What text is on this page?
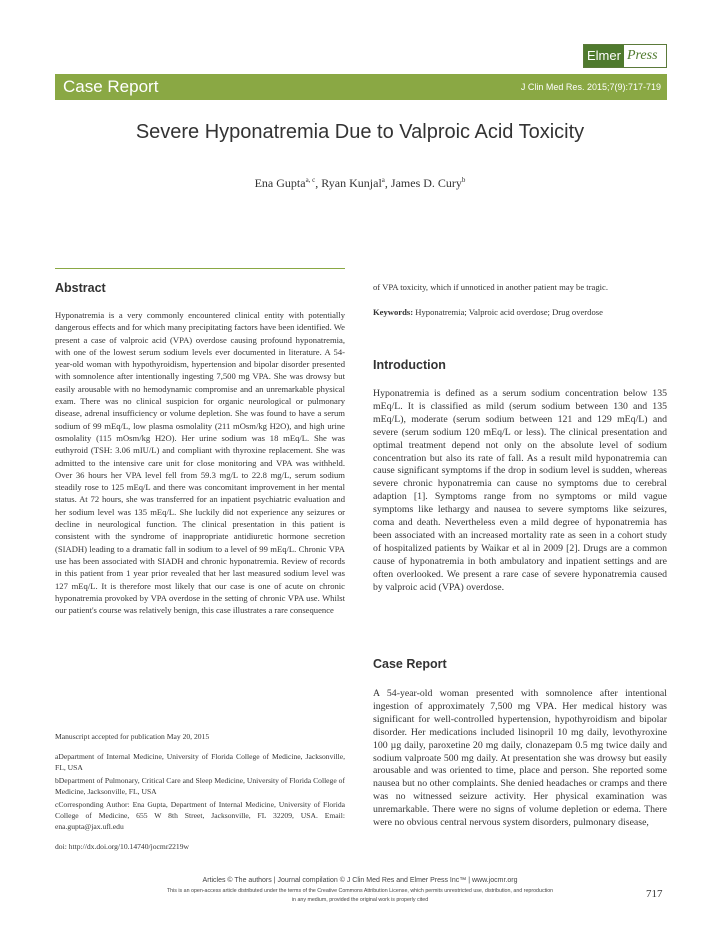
Elmer Press
Case Report	J Clin Med Res. 2015;7(9):717-719
Severe Hyponatremia Due to Valproic Acid Toxicity
Ena Gupta$^{a, c}$, Ryan Kunjal$^a$, James D. Cury$^b$
Abstract

Hyponatremia is a very commonly encountered clinical entity with potentially dangerous effects and for which many precipitating factors have been identified. We present a case of valproic acid (VPA) overdose causing profound hyponatremia, with one of the lowest serum sodium levels ever documented in literature. A 54-year-old woman with hypothyroidism, hypertension and bipolar disorder presented with somnolence after intentionally ingesting 7,500 mg VPA. She was drowsy but easily arousable with no hemodynamic compromise and an unremarkable physical exam. There was no clinical suspicion for organic neurological or pulmonary disease, adrenal insufficiency or volume depletion. She was found to have a serum sodium of 99 mEq/L, low plasma osmolality (211 mOsm/kg H2O), and high urine osmolality (115 mOsm/kg H2O). Her urine sodium was 18 mEq/L. She was euthyroid (TSH: 3.06 mIU/L) and compliant with thyroxine replacement. She was admitted to the intensive care unit for close monitoring and VPA was withheld. Over 36 hours her VPA level fell from 59.3 mg/L to 22.8 mg/L, serum sodium steadily rose to 125 mEq/L and there was concomitant improvement in her mental status. At 72 hours, she was transferred for an inpatient psychiatric evaluation and her sodium level was 135 mEq/L. She luckily did not experience any seizures or decline in neurological function. The clinical presentation in this patient is consistent with the syndrome of inappropriate antidiuretic hormone secretion (SIADH) leading to a dramatic fall in sodium to a level of 99 mEq/L. Chronic VPA use has been associated with SIADH and chronic hyponatremia. Review of records in this patient from 1 year prior revealed that her last measured sodium level was 127 mEq/L. It is therefore most likely that our case is one of acute on chronic hyponatremia provoked by VPA overdose in the setting of chronic VPA use. Whilst our patient's course was relatively benign, this case illustrates a rare consequence

Manuscript accepted for publication May 20, 2015

aDepartment of Internal Medicine, University of Florida College of Medicine, Jacksonville, FL, USA

bDepartment of Pulmonary, Critical Care and Sleep Medicine, University of Florida College of Medicine, Jacksonville, FL, USA

cCorresponding Author: Ena Gupta, Department of Internal Medicine, University of Florida College of Medicine, 655 W 8th Street, Jacksonville, FL 32209, USA. Email: ena.gupta@jax.ufl.edu

doi: http://dx.doi.org/10.14740/jocmr2219w

of VPA toxicity, which if unnoticed in another patient may be tragic.
Keywords: Hyponatremia; Valproic acid overdose; Drug overdose
Introduction

Hyponatremia is defined as a serum sodium concentration below 135 mEq/L. It is classified as mild (serum sodium between 130 and 135 mEq/L), moderate (serum sodium between 121 and 129 mEq/L) and severe (serum sodium 120 mEq/L or less). The clinical presentation and optimal treatment depend not only on the absolute level of sodium concentration but also its rate of fall. As a result mild hyponatremia can cause significant symptoms if the drop in sodium level is sudden, whereas severe chronic hyponatremia can cause no symptoms due to cerebral adaption [1]. Symptoms range from no symptoms or mild vague symptoms like lethargy and nausea to severe symptoms like seizures, coma and death. Nevertheless even a mild degree of hyponatremia has been associated with an increased mortality rate as seen in a cohort study of hospitalized patients by Waikar et al in 2009 [2]. Drugs are a common cause of hyponatremia in both ambulatory and inpatient settings and are often overlooked. We present a rare case of severe hyponatremia caused by valproic acid (VPA) overdose.

Case Report

A 54-year-old woman presented with somnolence after intentional ingestion of approximately 7,500 mg VPA. Her medical history was significant for well-controlled hypertension, hypothyroidism and bipolar disorder. Her medications included lisinopril 10 mg daily, levothyroxine 100 µg daily, paroxetine 20 mg daily, clonazepam 0.5 mg twice daily and sodium valproate 500 mg daily. At presentation she was drowsy but easily arousable and was oriented to time, place and person. She reported some nausea but no other complaints. She denied headaches or cramps and there was no witnessed seizure activity. Her physical examination was unremarkable. There were no signs of volume depletion or edema. There were no obvious central nervous system disorders, pulmonary disease,

Articles © The authors | Journal compilation © J Clin Med Res and Elmer Press Inc™ | www.jocmr.org
This is an open-access article distributed under the terms of the Creative Commons Attribution License, which permits unrestricted use, distribution, and reproduction
in any medium, provided the original work is properly cited	717
